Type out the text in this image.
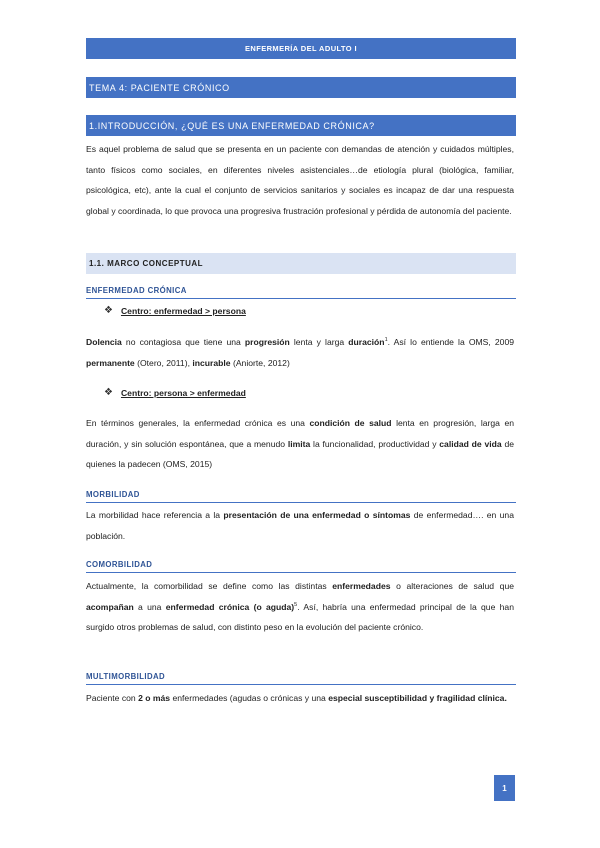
ENFERMERÍA DEL ADULTO I
TEMA 4: PACIENTE CRÓNICO
1.INTRODUCCIÓN, ¿QUÉ ES UNA ENFERMEDAD CRÓNICA?

Es aquel problema de salud que se presenta en un paciente con demandas de atención y cuidados múltiples, tanto físicos como sociales, en diferentes niveles asistenciales…de etiología plural (biológica, familiar, psicológica, etc), ante la cual el conjunto de servicios sanitarios y sociales es incapaz de dar una respuesta global y coordinada, lo que provoca una progresiva frustración profesional y pérdida de autonomía del paciente.

1.1. MARCO CONCEPTUAL
ENFERMEDAD CRÓNICA
❖ Centro: enfermedad > persona

Dolencia no contagiosa que tiene una progresión lenta y larga duración$^1$. Así lo entiende la OMS, 2009 permanente (Otero, 2011), incurable (Aniorte, 2012)

❖ Centro: persona > enfermedad

En términos generales, la enfermedad crónica es una condición de salud lenta en progresión, larga en duración, y sin solución espontánea, que a menudo limita la funcionalidad, productividad y calidad de vida de quienes la padecen (OMS, 2015)

MORBILIDAD

La morbilidad hace referencia a la presentación de una enfermedad o síntomas de enfermedad…. en una población.

COMORBILIDAD

Actualmente, la comorbilidad se define como las distintas enfermedades o alteraciones de salud que acompañan a una enfermedad crónica (o aguda)$^5$. Así, habría una enfermedad principal de la que han surgido otros problemas de salud, con distinto peso en la evolución del paciente crónico.

MULTIMORBILIDAD

Paciente con 2 o más enfermedades (agudas o crónicas y una especial susceptibilidad y fragilidad clínica.

1
